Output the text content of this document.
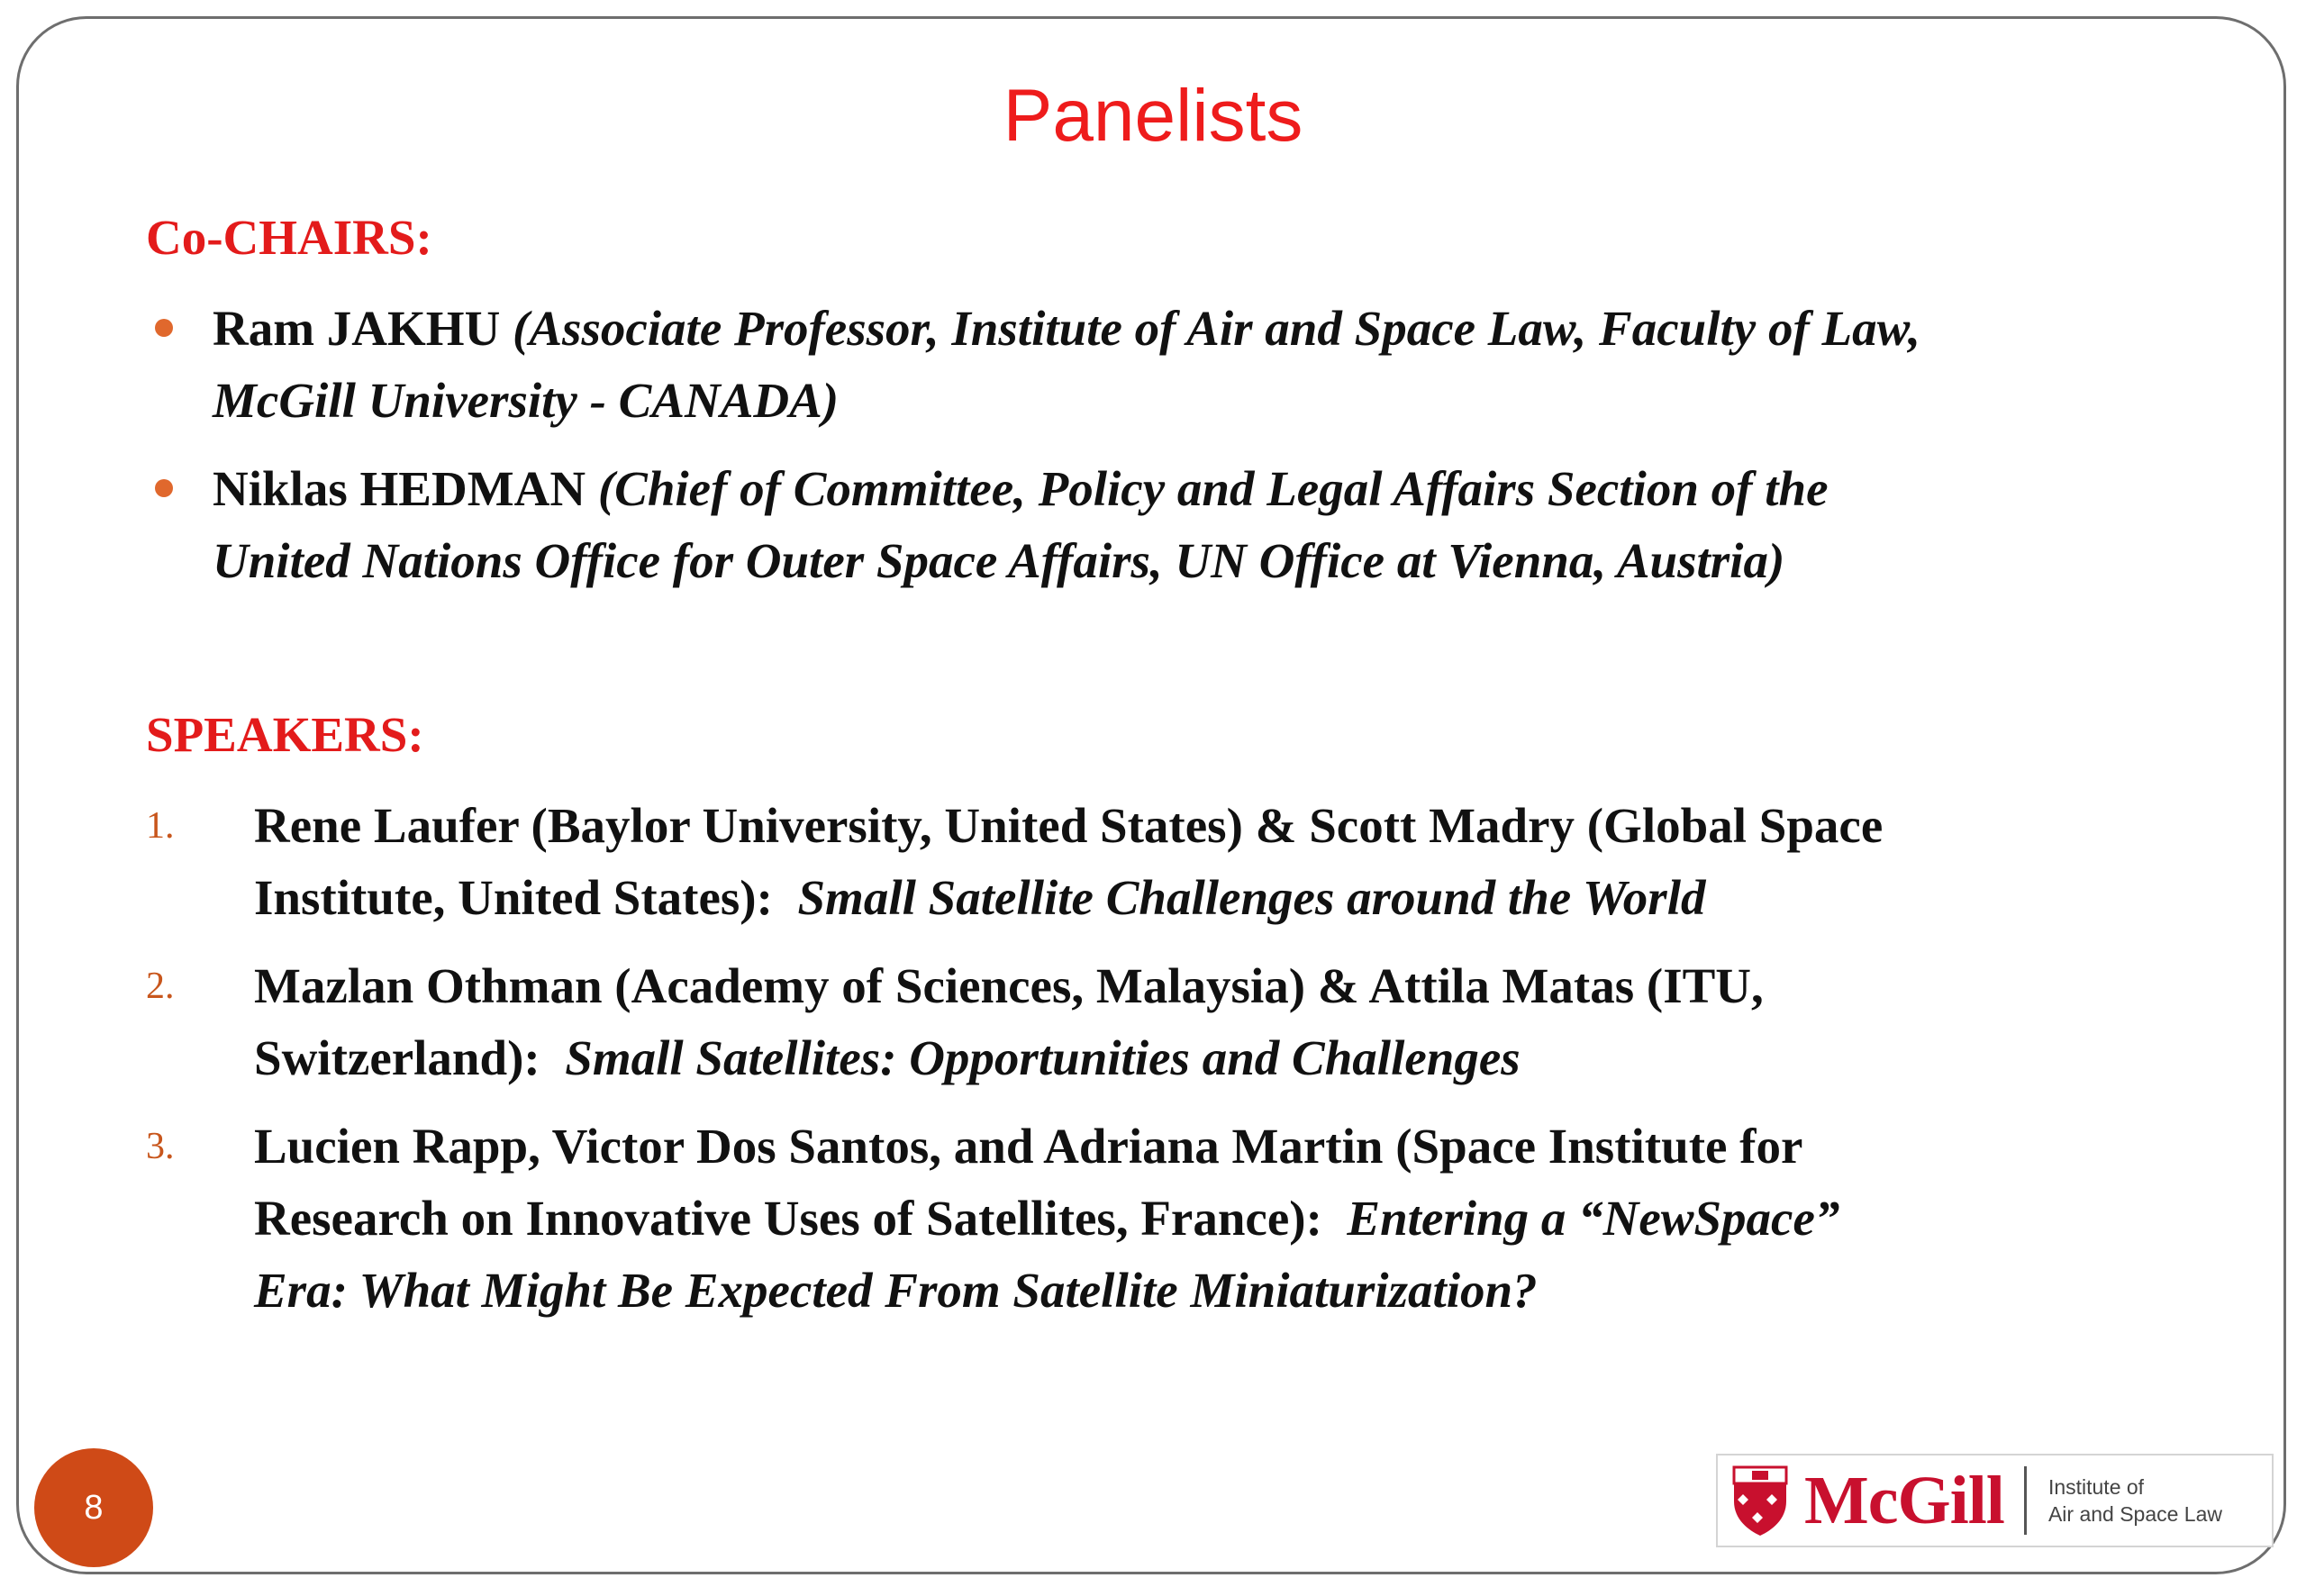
Panelists
Co-CHAIRS:
Ram JAKHU (Associate Professor, Institute of Air and Space Law, Faculty of Law,
McGill University - CANADA)
Niklas HEDMAN (Chief of Committee, Policy and Legal Affairs Section of the
United Nations Office for Outer Space Affairs, UN Office at Vienna, Austria)
SPEAKERS:
1. Rene Laufer (Baylor University, United States) & Scott Madry (Global Space
Institute, United States): Small Satellite Challenges around the World
2. Mazlan Othman (Academy of Sciences, Malaysia) & Attila Matas (ITU,
Switzerland): Small Satellites: Opportunities and Challenges
3. Lucien Rapp, Victor Dos Santos, and Adriana Martin (Space Institute for
Research on Innovative Uses of Satellites, France): Entering a “NewSpace”
Era: What Might Be Expected From Satellite Miniaturization?
8	McGill Institute of
Air and Space Law
